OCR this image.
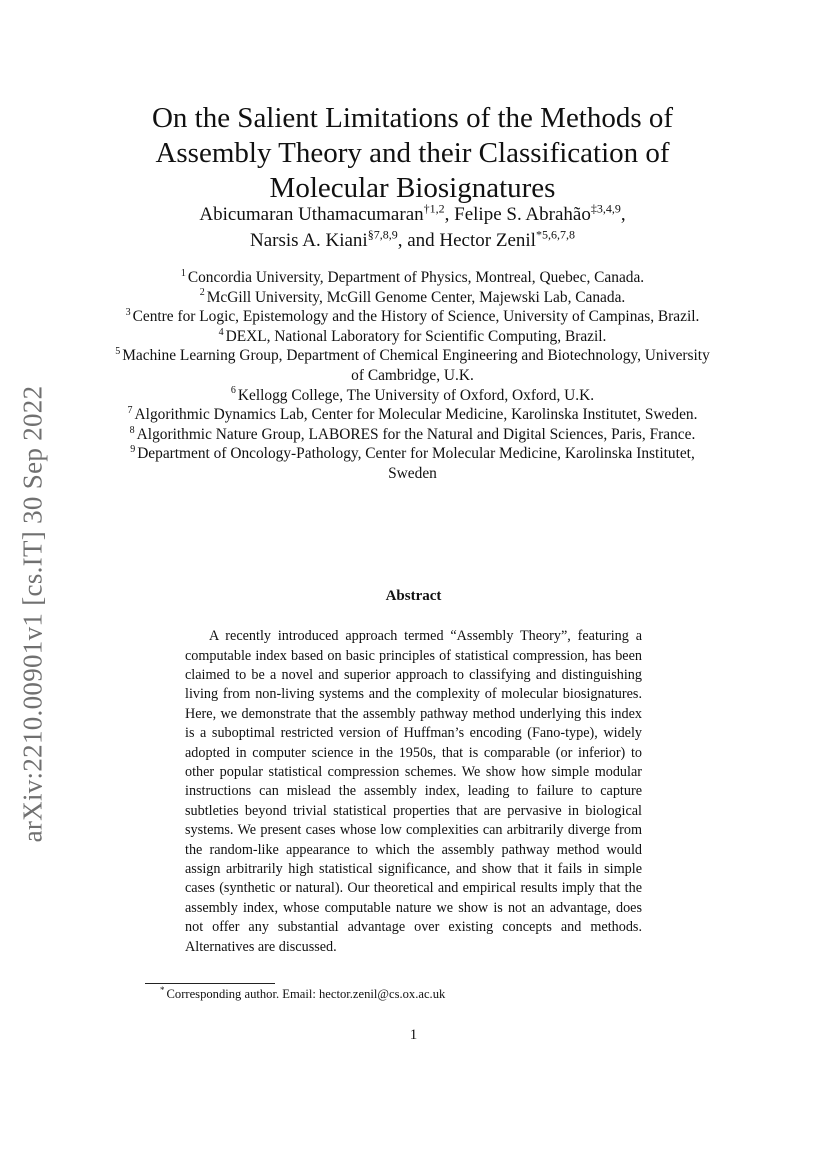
arXiv:2210.00901v1 [cs.IT] 30 Sep 2022
On the Salient Limitations of the Methods of
Assembly Theory and their Classification of
Molecular Biosignatures
Abicumaran Uthamacumaran$^{\dagger 1,2}$, Felipe S. Abrahão$^{\ddagger 3,4,9}$,
Narsis A. Kiani$^{\S 7,8,9}$, and Hector Zenil$^{*5,6,7,8}$
$^1$ Concordia University, Department of Physics, Montreal, Quebec, Canada.
$^2$ McGill University, McGill Genome Center, Majewski Lab, Canada.
$^3$ Centre for Logic, Epistemology and the History of Science, University of Campinas, Brazil.
$^4$ DEXL, National Laboratory for Scientific Computing, Brazil.
$^5$ Machine Learning Group, Department of Chemical Engineering and Biotechnology, University of Cambridge, U.K.
$^6$ Kellogg College, The University of Oxford, Oxford, U.K.
$^7$ Algorithmic Dynamics Lab, Center for Molecular Medicine, Karolinska Institutet, Sweden.
$^8$ Algorithmic Nature Group, LABORES for the Natural and Digital Sciences, Paris, France.
$^9$ Department of Oncology-Pathology, Center for Molecular Medicine, Karolinska Institutet, Sweden
Abstract

A recently introduced approach termed “Assembly Theory”, featuring a computable index based on basic principles of statistical compression, has been claimed to be a novel and superior approach to classifying and distinguishing living from non-living systems and the complexity of molecular biosignatures. Here, we demonstrate that the assembly pathway method underlying this index is a suboptimal restricted version of Huffman’s encoding (Fano-type), widely adopted in computer science in the 1950s, that is comparable (or inferior) to other popular statistical compression schemes. We show how simple modular instructions can mislead the assembly index, leading to failure to capture subtleties beyond trivial statistical properties that are pervasive in biological systems. We present cases whose low complexities can arbitrarily diverge from the random-like appearance to which the assembly pathway method would assign arbitrarily high statistical significance, and show that it fails in simple cases (synthetic or natural). Our theoretical and empirical results imply that the assembly index, whose computable nature we show is not an advantage, does not offer any substantial advantage over existing concepts and methods. Alternatives are discussed.

* Corresponding author. Email: hector.zenil@cs.ox.ac.uk
1
